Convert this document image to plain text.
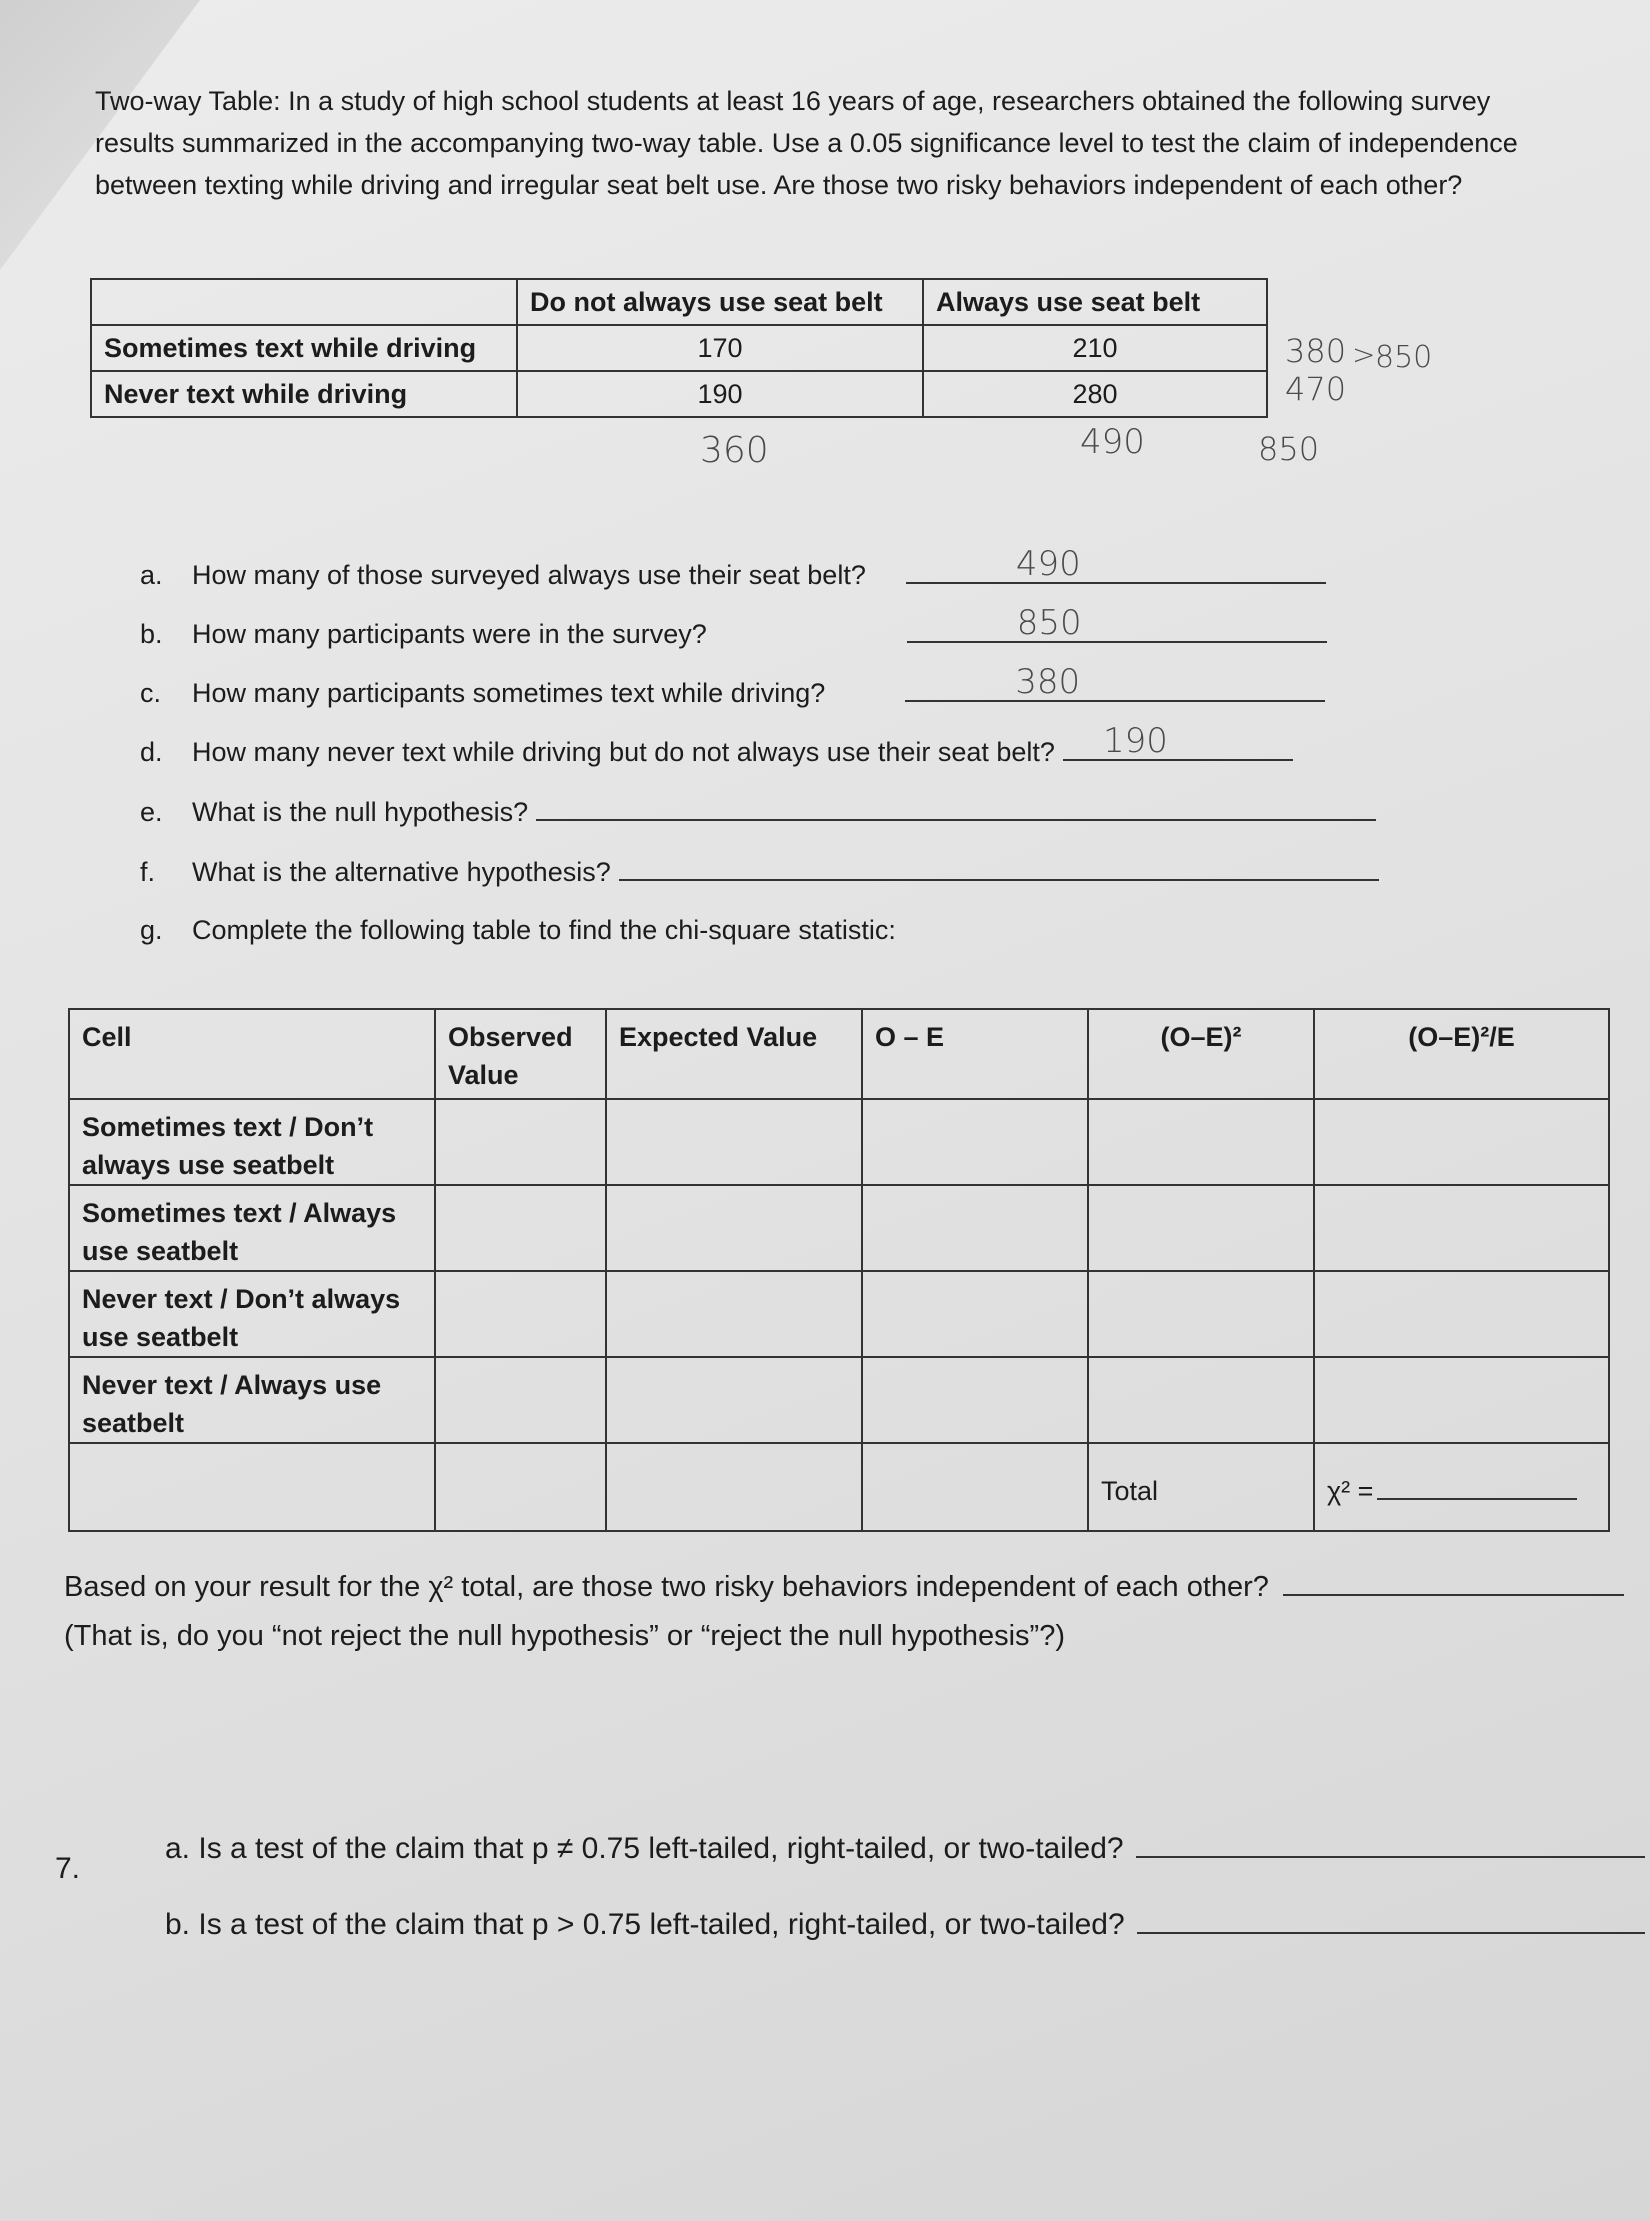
Two-way Table: In a study of high school students at least 16 years of age, researchers obtained the following survey results summarized in the accompanying two-way table. Use a 0.05 significance level to test the claim of independence between texting while driving and irregular seat belt use. Are those two risky behaviors independent of each other?

	Do not always use seat belt	Always use seat belt
Sometimes text while driving	170	210
Never text while driving	190	280
380 > 850
470
360	490	850
a.	How many of those surveyed always use their seat belt?	490
b.	How many participants were in the survey?	850
c.	How many participants sometimes text while driving?	380
d.	How many never text while driving but do not always use their seat belt? 190
e.	What is the null hypothesis?
f.	What is the alternative hypothesis?
g.	Complete the following table to find the chi-square statistic:
Cell	Observed Value	Expected Value	O – E	(O–E)²	(O–E)²/E
Sometimes text / Don’t always use seatbelt					
Sometimes text / Always use seatbelt					
Never text / Don’t always use seatbelt					
Never text / Always use seatbelt					
				Total	χ² =
Based on your result for the χ² total, are those two risky behaviors independent of each other?
(That is, do you “not reject the null hypothesis” or “reject the null hypothesis”?)
7.
a. Is a test of the claim that p ≠ 0.75 left-tailed, right-tailed, or two-tailed?
b. Is a test of the claim that p > 0.75 left-tailed, right-tailed, or two-tailed?
